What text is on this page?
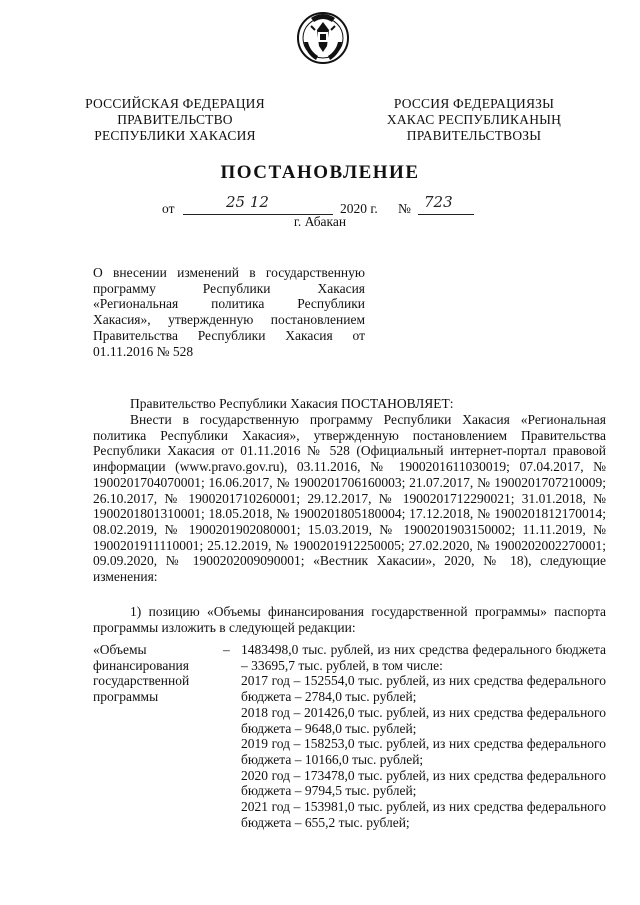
РОССИЙСКАЯ ФЕДЕРАЦИЯ
ПРАВИТЕЛЬСТВО
РЕСПУБЛИКИ ХАКАСИЯ
РОССИЯ ФЕДЕРАЦИЯЗЫ
ХАКАС РЕСПУБЛИКАНЫҢ
ПРАВИТЕЛЬСТВОЗЫ
ПОСТАНОВЛЕНИЕ
от	25 12	2020 г. № 723
г. Абакан
О внесении изменений в государственную программу Республики Хакасия «Региональная политика Республики Хакасия», утвержденную постановлением Правительства Республики Хакасия от 01.11.2016 № 528
Правительство Республики Хакасия ПОСТАНОВЛЯЕТ:
Внести в государственную программу Республики Хакасия «Региональная политика Республики Хакасия», утвержденную постановлением Правительства Республики Хакасия от 01.11.2016 № 528 (Официальный интернет-портал правовой информации (www.pravo.gov.ru), 03.11.2016, № 1900201611030019; 07.04.2017, № 1900201704070001; 16.06.2017, № 1900201706160003; 21.07.2017, № 1900201707210009; 26.10.2017, № 1900201710260001; 29.12.2017, № 1900201712290021; 31.01.2018, № 1900201801310001; 18.05.2018, № 1900201805180004; 17.12.2018, № 1900201812170014; 08.02.2019, № 1900201902080001; 15.03.2019, № 1900201903150002; 11.11.2019, № 1900201911110001; 25.12.2019, № 1900201912250005; 27.02.2020, № 1900202002270001; 09.09.2020, № 1900202009090001; «Вестник Хакасии», 2020, № 18), следующие изменения:
1) позицию «Объемы финансирования государственной программы» паспорта программы изложить в следующей редакции:
«Объемы финансирования государственной программы
– 1483498,0 тыс. рублей, из них средства федерального бюджета – 33695,7 тыс. рублей, в том числе:
2017 год – 152554,0 тыс. рублей, из них средства федерального бюджета – 2784,0 тыс. рублей;
2018 год – 201426,0 тыс. рублей, из них средства федерального бюджета – 9648,0 тыс. рублей;
2019 год – 158253,0 тыс. рублей, из них средства федерального бюджета – 10166,0 тыс. рублей;
2020 год – 173478,0 тыс. рублей, из них средства федерального бюджета – 9794,5 тыс. рублей;
2021 год – 153981,0 тыс. рублей, из них средства федерального бюджета – 655,2 тыс. рублей;
